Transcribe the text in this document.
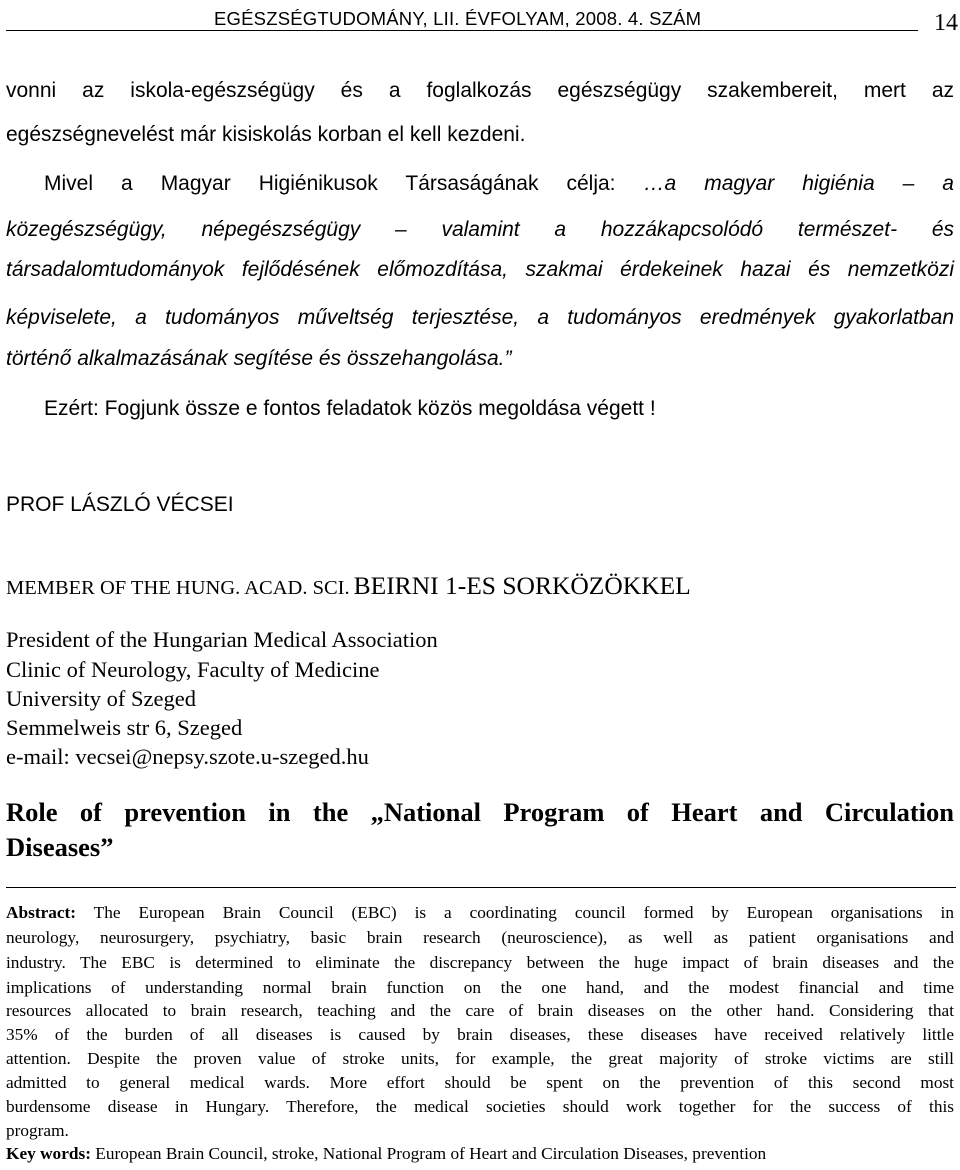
EGÉSZSÉGTUDOMÁNY, LII. ÉVFOLYAM, 2008. 4. SZÁM	14
vonni az iskola-egészségügy és a foglalkozás egészségügy szakembereit, mert az
egészségnevelést már kisiskolás korban el kell kezdeni.
Mivel a Magyar Higiénikusok Társaságának célja: …a magyar higiénia – a
közegészségügy, népegészségügy – valamint a hozzákapcsolódó természet- és
társadalomtudományok fejlődésének előmozdítása, szakmai érdekeinek hazai és nemzetközi
képviselete, a tudományos műveltség terjesztése, a tudományos eredmények gyakorlatban
történő alkalmazásának segítése és összehangolása.”
Ezért: Fogjunk össze e fontos feladatok közös megoldása végett !
PROF LÁSZLÓ VÉCSEI
MEMBER OF THE HUNG. ACAD. SCI. BEIRNI 1-ES SORKÖZÖKKEL
President of the Hungarian Medical Association
Clinic of Neurology, Faculty of Medicine
University of Szeged
Semmelweis str 6, Szeged
e-mail: vecsei@nepsy.szote.u-szeged.hu
Role of prevention in the „National Program of Heart and Circulation
Diseases”
Abstract: The European Brain Council (EBC) is a coordinating council formed by European organisations in
neurology, neurosurgery, psychiatry, basic brain research (neuroscience), as well as patient organisations and
industry. The EBC is determined to eliminate the discrepancy between the huge impact of brain diseases and the
implications of understanding normal brain function on the one hand, and the modest financial and time
resources allocated to brain research, teaching and the care of brain diseases on the other hand. Considering that
35% of the burden of all diseases is caused by brain diseases, these diseases have received relatively little
attention. Despite the proven value of stroke units, for example, the great majority of stroke victims are still
admitted to general medical wards. More effort should be spent on the prevention of this second most
burdensome disease in Hungary. Therefore, the medical societies should work together for the success of this
program.
Key words: European Brain Council, stroke, National Program of Heart and Circulation Diseases, prevention
